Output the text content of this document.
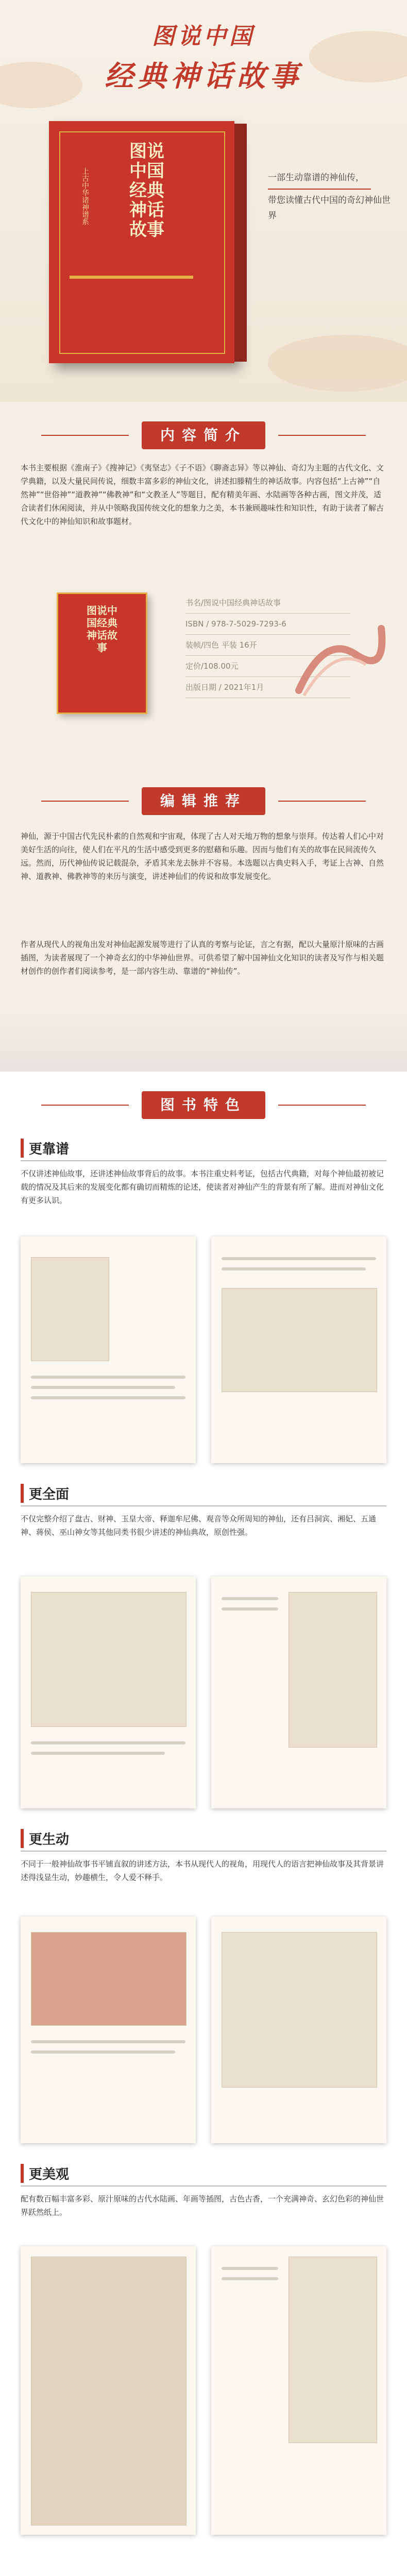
图说中国
经典神话故事
图说中国经典神话故事
上古中华诸神谱系	一部生动靠谱的神仙传，
带您读懂古代中国的奇幻神仙世界
内容简介
本书主要根据《淮南子》《搜神记》《夷坚志》《子不语》《聊斋志异》等以神仙、奇幻为主题的古代文化、文学典籍，以及大量民间传说，细数丰富多彩的神仙文化，讲述扣滕精生的神话故事。内容包括“上古神”“自然神”“世俗神”“道教神”“佛教神”和“文教圣人”等题目，配有精美年画、水陆画等各种古画，图文并茂，适合读者们休闲阅读，并从中领略我国传统文化的想象力之美，本书兼顾趣味性和知识性，有助于读者了解古代文化中的神仙知识和故事题材。
图说中国经典神话故事
书名/图说中国经典神话故事
ISBN / 978-7-5029-7293-6
装帧/四色 平装 16开
定价/108.00元
出版日期 / 2021年1月
编辑推荐
神仙，源于中国古代先民朴素的自然观和宇宙观，体现了古人对天地万物的想象与崇拜。传达着人们心中对美好生活的向往，使人们在平凡的生活中感受到更多的慰藉和乐趣。因而与他们有关的故事在民间流传久远。然而，历代神仙传说记载混杂，矛盾其来龙去脉并不容易。本选题以古典史料入手，考证上古神、自然神、道教神、佛教神等的来历与演变，讲述神仙们的传说和故事发展变化。
作者从现代人的视角出发对神仙起源发展等进行了认真的考察与论证，言之有据，配以大量原汁原味的古画插图，为读者展现了一个神奇玄幻的中华神仙世界。可供希望了解中国神仙文化知识的读者及写作与相关题材创作的创作者们阅读参考，是一部内容生动、靠谱的“神仙传”。
图书特色
更靠谱
不仅讲述神仙故事，还讲述神仙故事背后的故事。本书注重史料考证，包括古代典籍，对每个神仙最初被记载的情况及其后来的发展变化都有确切而精炼的论述，使读者对神仙产生的背景有所了解。进而对神仙文化有更多认识。
更全面
不仅完整介绍了盘古、财神、玉皇大帝、释迦牟尼佛、观音等众所周知的神仙，还有吕洞宾、湘妃、五通神、蒋侯、巫山神女等其他同类书很少讲述的神仙典故，原创性强。
更生动
不同于一般神仙故事书平铺直叙的讲述方法，本书从现代人的视角，用现代人的语言把神仙故事及其背景讲述得浅显生动，妙趣横生，令人爱不释手。
更美观
配有数百幅丰富多彩、原汁原味的古代水陆画、年画等插图，古色古香，一个充满神奇、玄幻色彩的神仙世界跃然纸上。
